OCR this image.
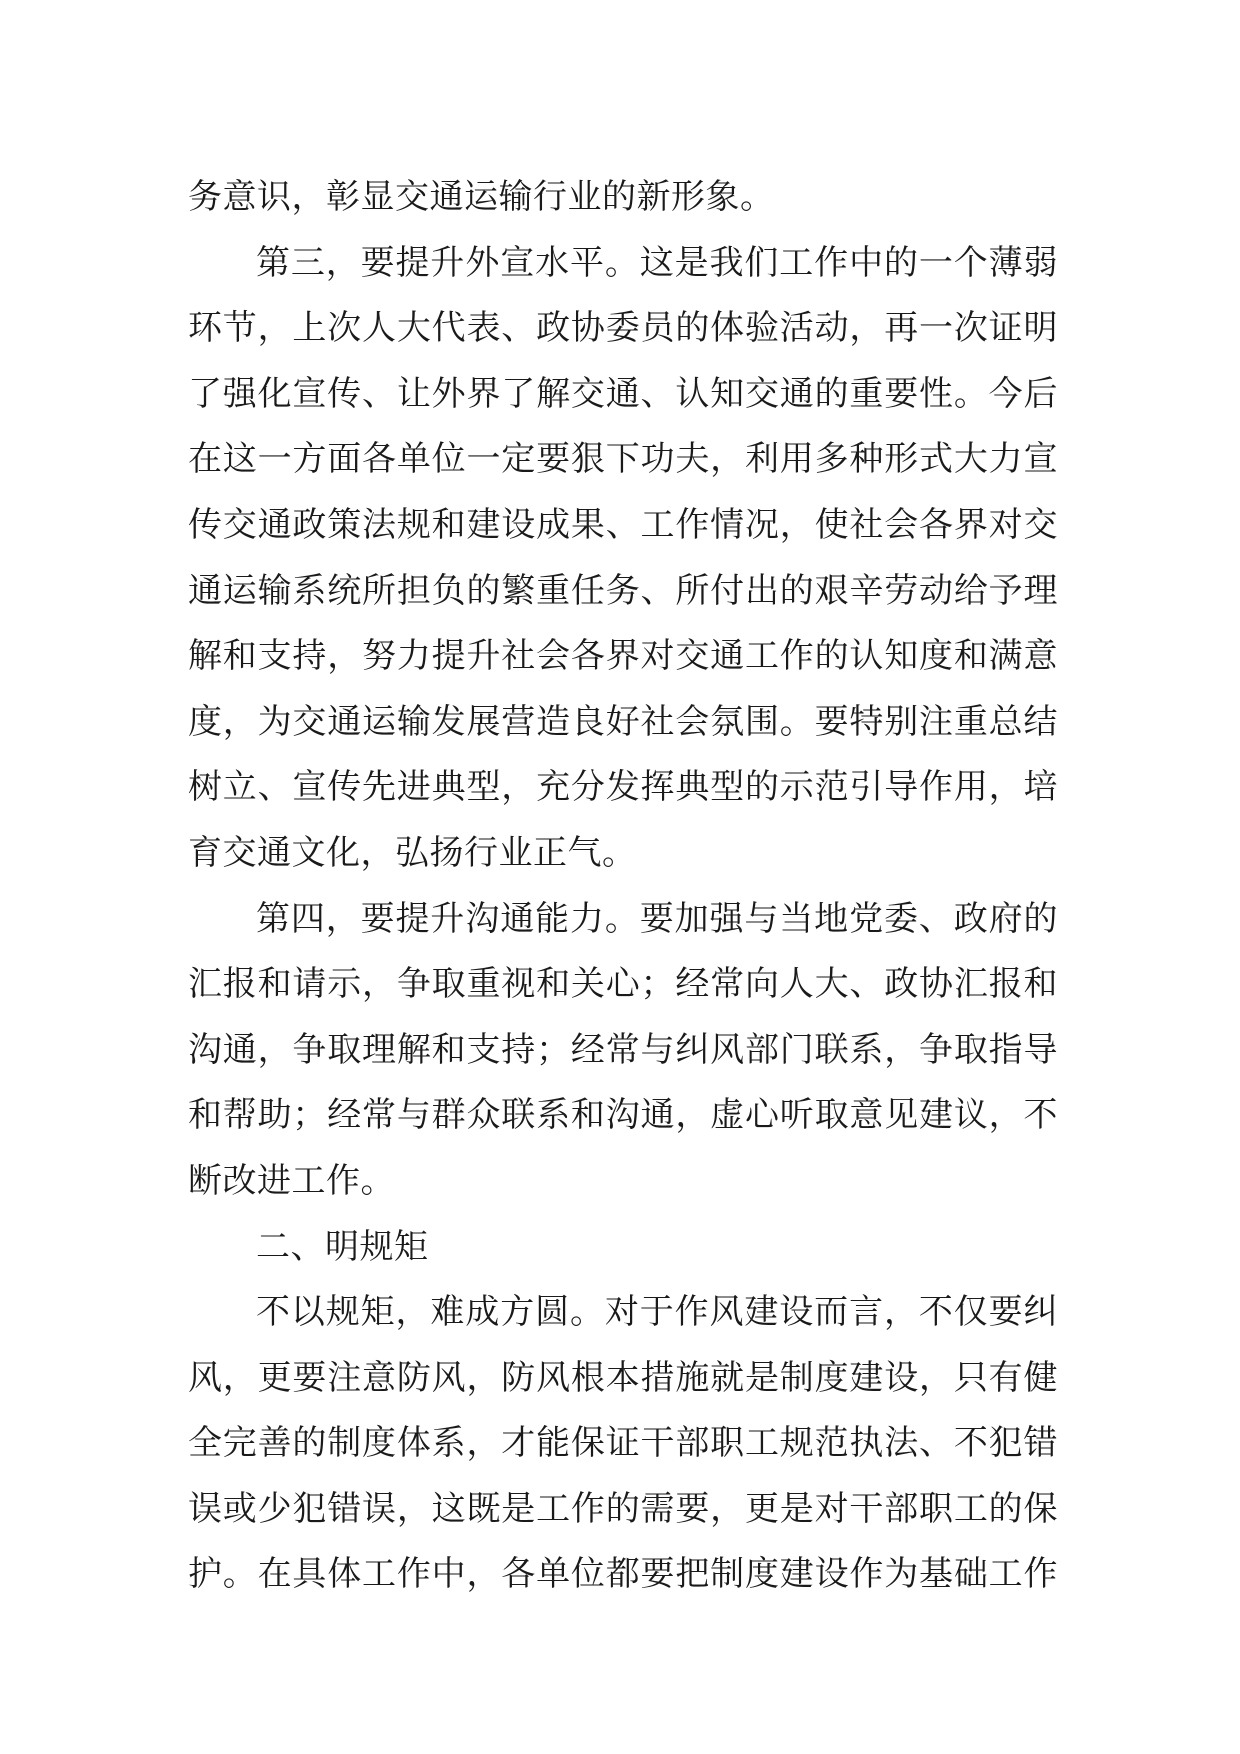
务意识，彰显交通运输行业的新形象。
第三，要提升外宣水平。这是我们工作中的一个薄弱
环节，上次人大代表、政协委员的体验活动，再一次证明
了强化宣传、让外界了解交通、认知交通的重要性。今后
在这一方面各单位一定要狠下功夫，利用多种形式大力宣
传交通政策法规和建设成果、工作情况，使社会各界对交
通运输系统所担负的繁重任务、所付出的艰辛劳动给予理
解和支持，努力提升社会各界对交通工作的认知度和满意
度，为交通运输发展营造良好社会氛围。要特别注重总结
树立、宣传先进典型，充分发挥典型的示范引导作用，培
育交通文化，弘扬行业正气。
第四，要提升沟通能力。要加强与当地党委、政府的
汇报和请示，争取重视和关心；经常向人大、政协汇报和
沟通，争取理解和支持；经常与纠风部门联系，争取指导
和帮助；经常与群众联系和沟通，虚心听取意见建议，不
断改进工作。
二、明规矩
不以规矩，难成方圆。对于作风建设而言，不仅要纠
风，更要注意防风，防风根本措施就是制度建设，只有健
全完善的制度体系，才能保证干部职工规范执法、不犯错
误或少犯错误，这既是工作的需要，更是对干部职工的保
护。在具体工作中，各单位都要把制度建设作为基础工作
